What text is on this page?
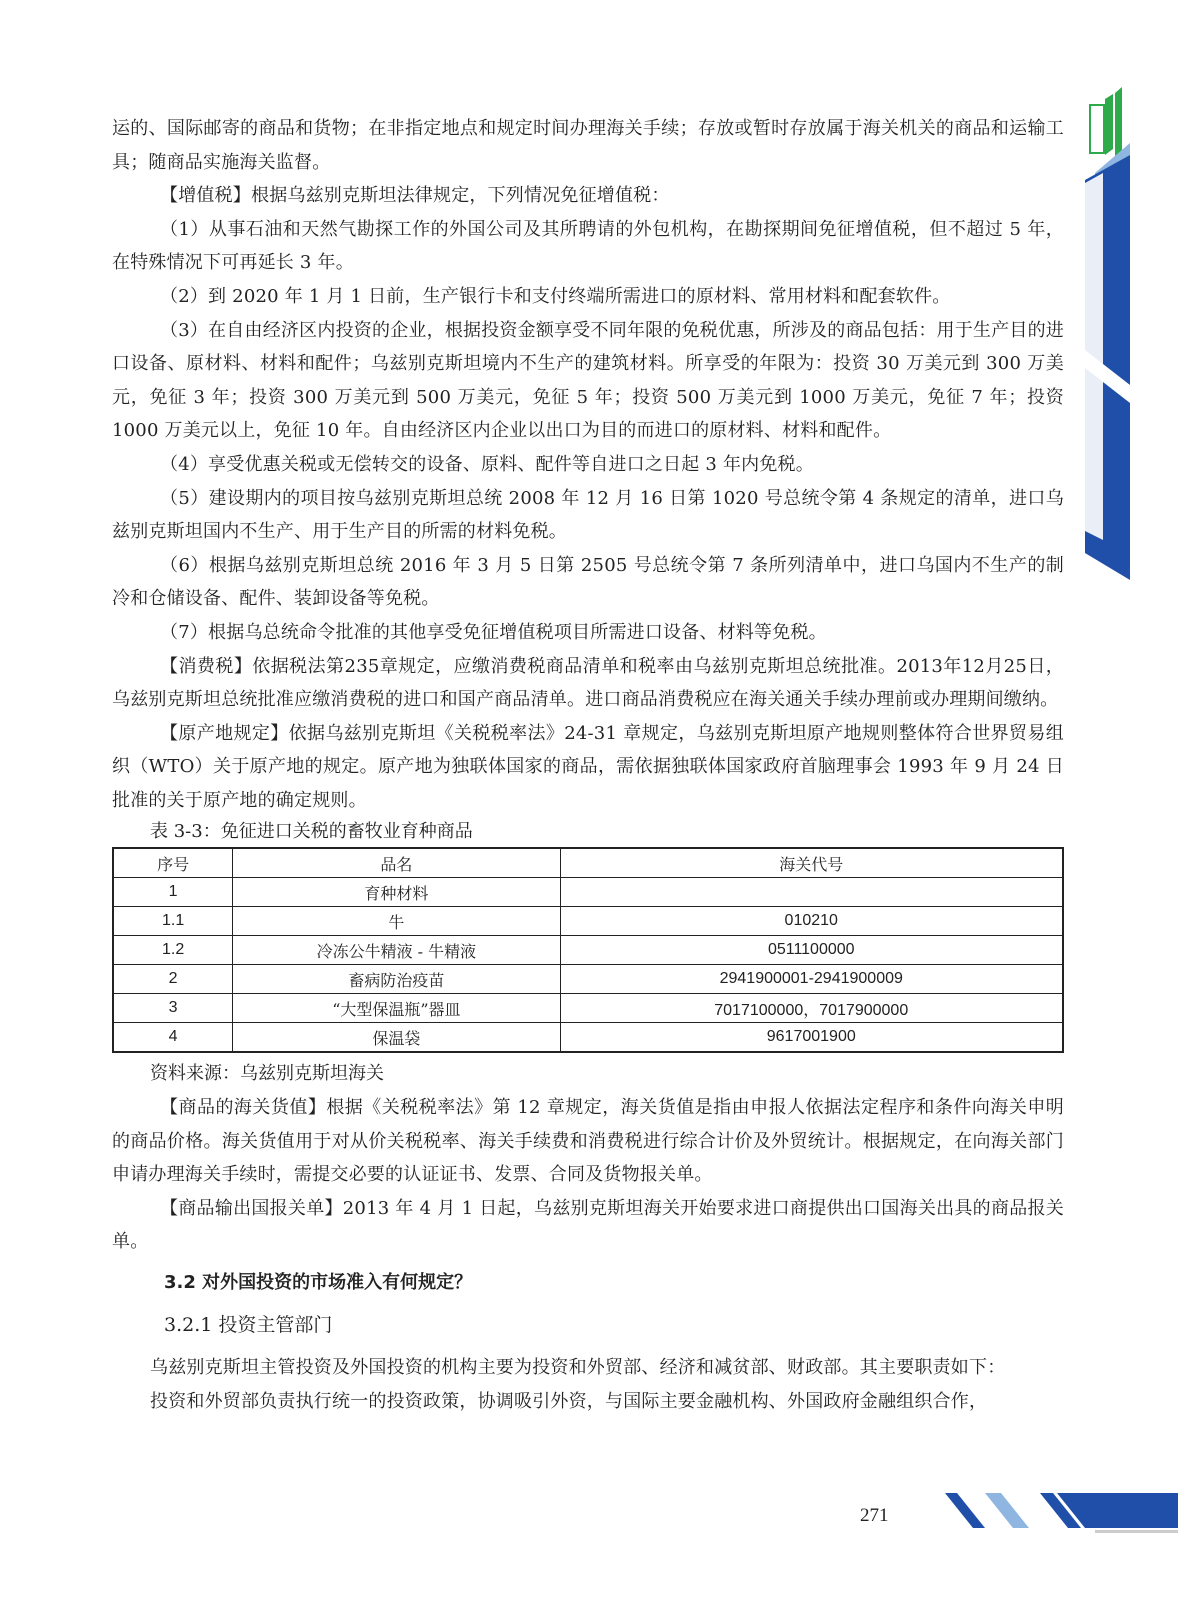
运的、国际邮寄的商品和货物；在非指定地点和规定时间办理海关手续；存放或暂时存放属于海关机关的商品和运输工具；随商品实施海关监督。

【增值税】根据乌兹别克斯坦法律规定，下列情况免征增值税：

（1）从事石油和天然气勘探工作的外国公司及其所聘请的外包机构，在勘探期间免征增值税，但不超过 5 年，在特殊情况下可再延长 3 年。

（2）到 2020 年 1 月 1 日前，生产银行卡和支付终端所需进口的原材料、常用材料和配套软件。

（3）在自由经济区内投资的企业，根据投资金额享受不同年限的免税优惠，所涉及的商品包括：用于生产目的进口设备、原材料、材料和配件；乌兹别克斯坦境内不生产的建筑材料。所享受的年限为：投资 30 万美元到 300 万美元，免征 3 年；投资 300 万美元到 500 万美元，免征 5 年；投资 500 万美元到 1000 万美元，免征 7 年；投资 1000 万美元以上，免征 10 年。自由经济区内企业以出口为目的而进口的原材料、材料和配件。

（4）享受优惠关税或无偿转交的设备、原料、配件等自进口之日起 3 年内免税。

（5）建设期内的项目按乌兹别克斯坦总统 2008 年 12 月 16 日第 1020 号总统令第 4 条规定的清单，进口乌兹别克斯坦国内不生产、用于生产目的所需的材料免税。

（6）根据乌兹别克斯坦总统 2016 年 3 月 5 日第 2505 号总统令第 7 条所列清单中，进口乌国内不生产的制冷和仓储设备、配件、装卸设备等免税。

（7）根据乌总统命令批准的其他享受免征增值税项目所需进口设备、材料等免税。

【消费税】依据税法第235章规定，应缴消费税商品清单和税率由乌兹别克斯坦总统批准。2013年12月25日，乌兹别克斯坦总统批准应缴消费税的进口和国产商品清单。进口商品消费税应在海关通关手续办理前或办理期间缴纳。

【原产地规定】依据乌兹别克斯坦《关税税率法》24-31 章规定，乌兹别克斯坦原产地规则整体符合世界贸易组织（WTO）关于原产地的规定。原产地为独联体国家的商品，需依据独联体国家政府首脑理事会 1993 年 9 月 24 日批准的关于原产地的确定规则。

表 3-3：免征进口关税的畜牧业育种商品
序号	品名	海关代号
1	育种材料	
1.1	牛	010210
1.2	冷冻公牛精液 - 牛精液	0511100000
2	畜病防治疫苗	2941900001-2941900009
3	“大型保温瓶”器皿	7017100000，7017900000
4	保温袋	9617001900
资料来源：乌兹别克斯坦海关

【商品的海关货值】根据《关税税率法》第 12 章规定，海关货值是指由申报人依据法定程序和条件向海关申明的商品价格。海关货值用于对从价关税税率、海关手续费和消费税进行综合计价及外贸统计。根据规定，在向海关部门申请办理海关手续时，需提交必要的认证证书、发票、合同及货物报关单。

【商品输出国报关单】2013 年 4 月 1 日起，乌兹别克斯坦海关开始要求进口商提供出口国海关出具的商品报关单。

3.2 对外国投资的市场准入有何规定？
3.2.1 投资主管部门

乌兹别克斯坦主管投资及外国投资的机构主要为投资和外贸部、经济和减贫部、财政部。其主要职责如下：

投资和外贸部负责执行统一的投资政策，协调吸引外资，与国际主要金融机构、外国政府金融组织合作，

271
